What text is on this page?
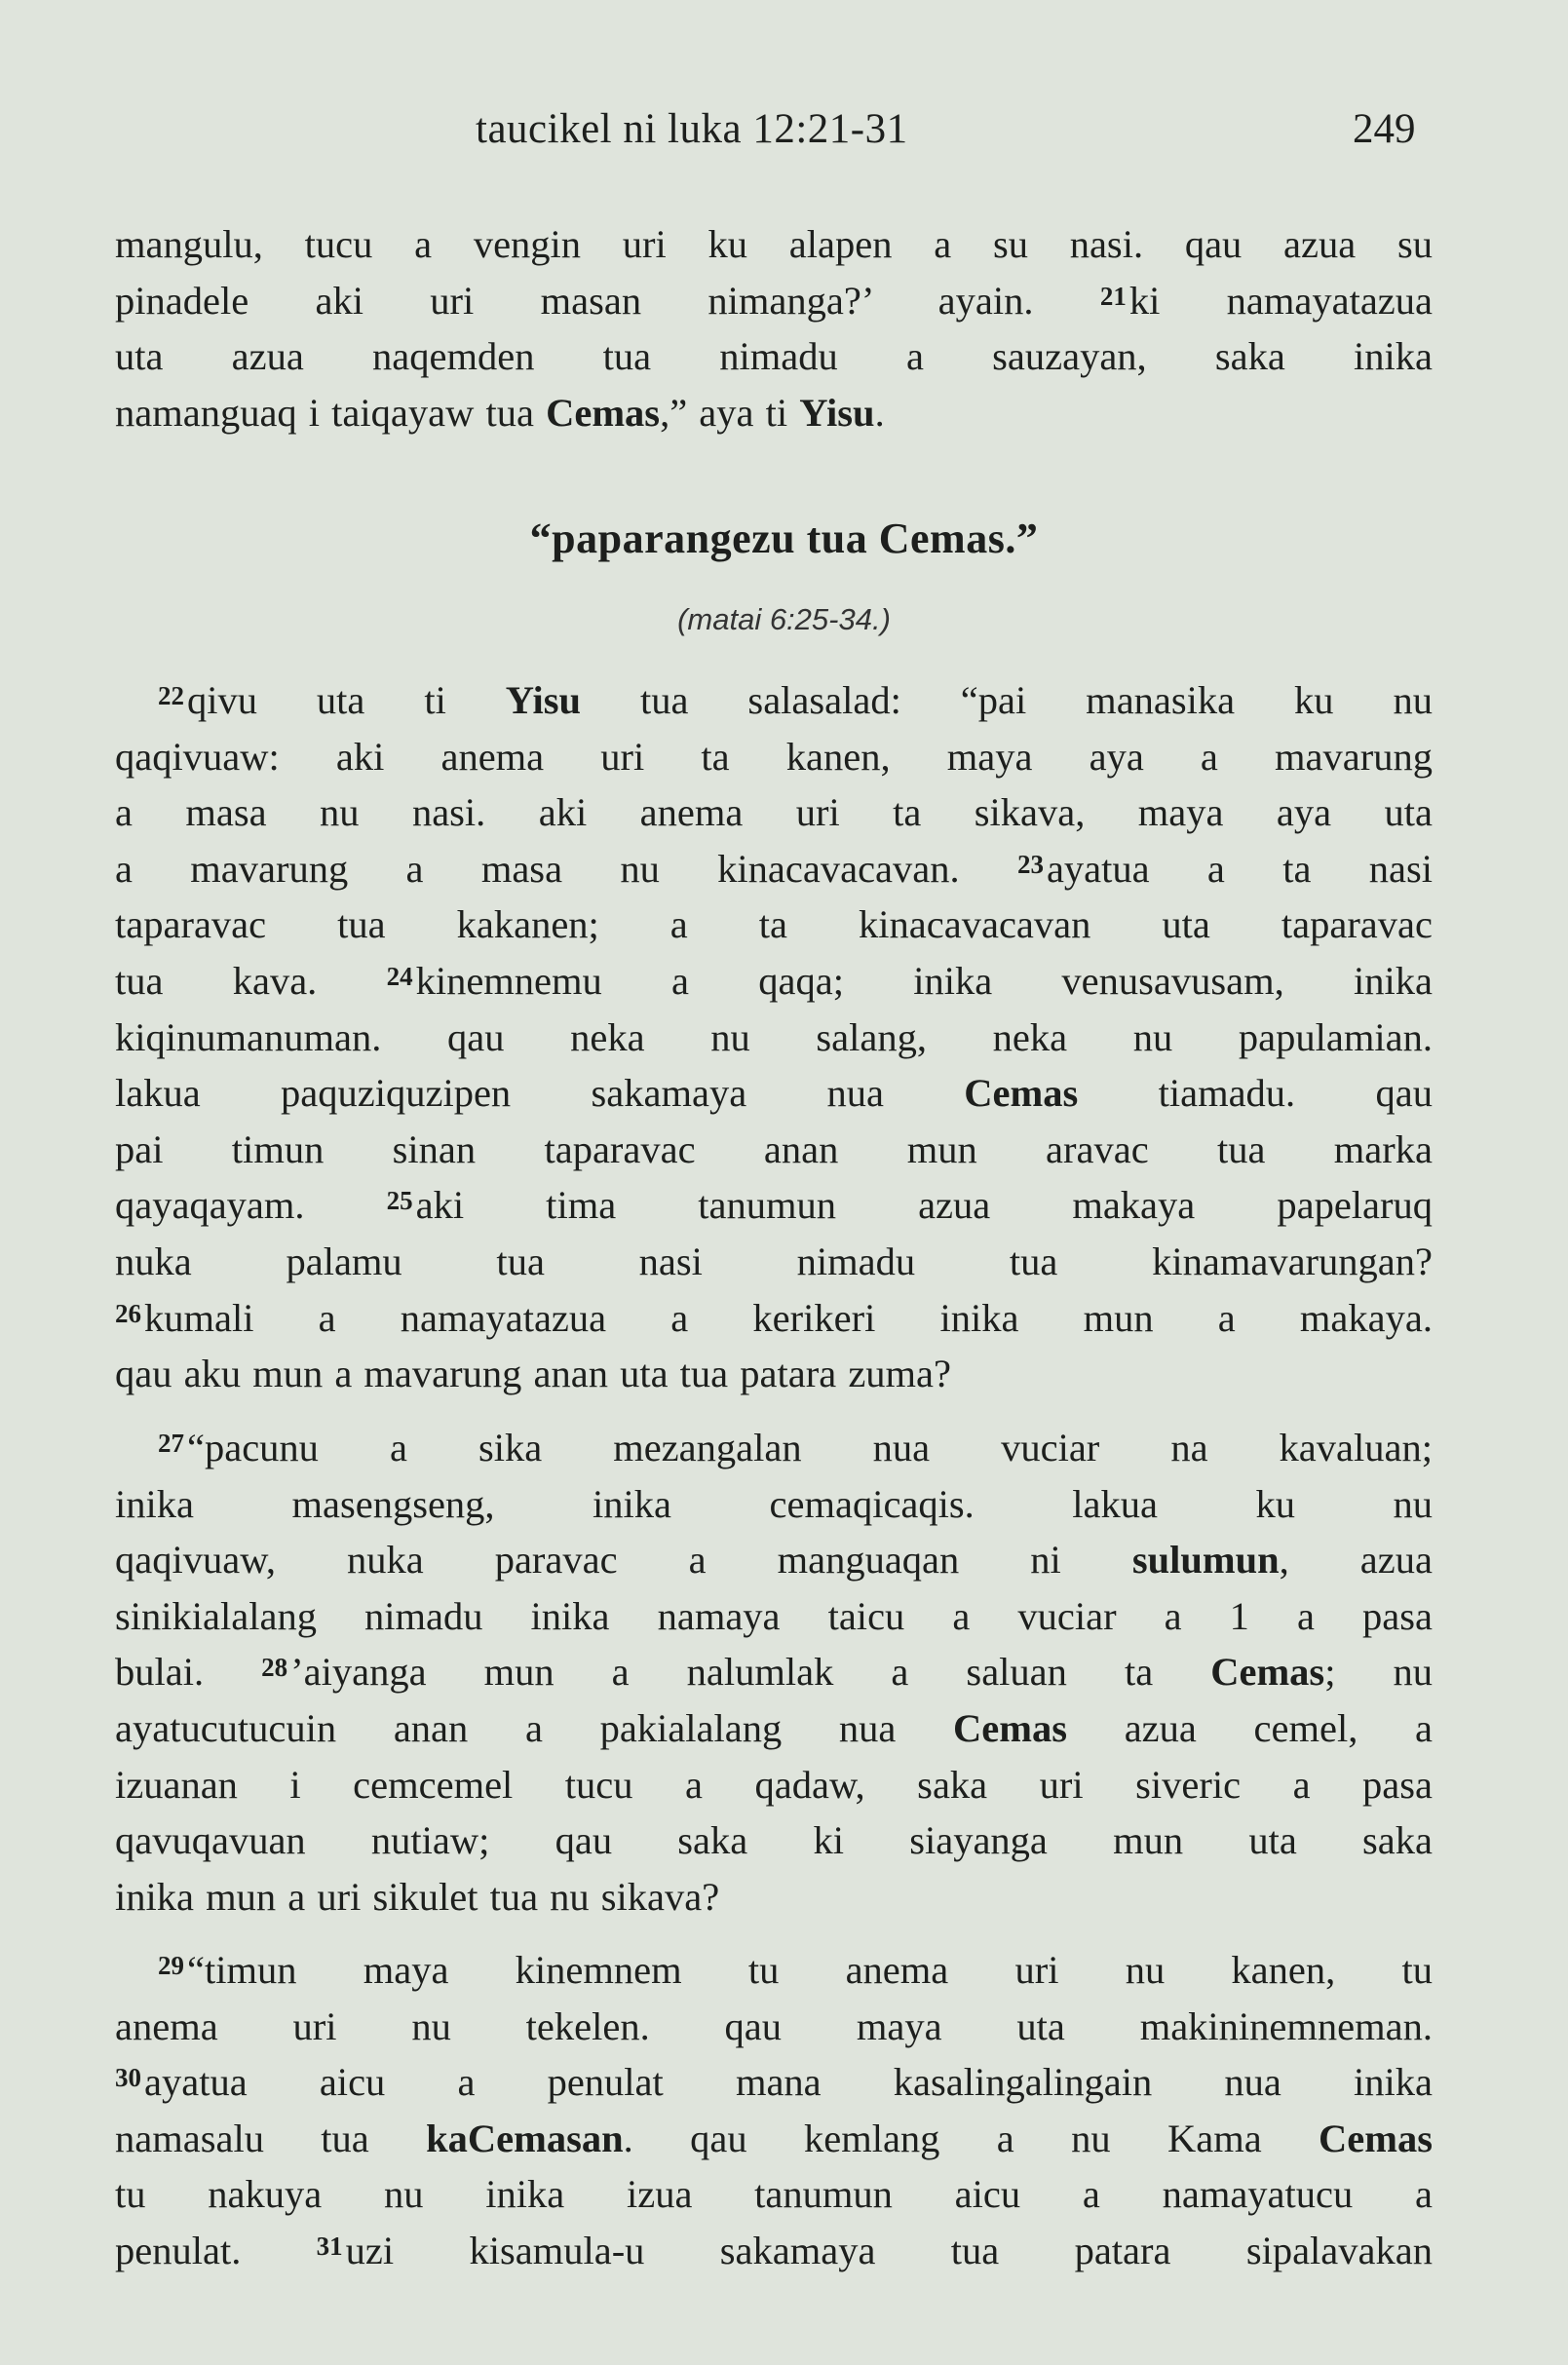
taucikel ni luka 12:21-31	249
mangulu, tucu a vengin uri ku alapen a su nasi. qau azua su
pinadele aki uri masan nimanga?’ ayain. $^{21}$ki namayatazua
uta azua naqemden tua nimadu a sauzayan, saka inika
namanguaq i taiqayaw tua Cemas,” aya ti Yisu.
“paparangezu tua Cemas.”
(matai 6:25-34.)
$^{22}$qivu uta ti Yisu tua salasalad: “pai manasika ku nu
qaqivuaw: aki anema uri ta kanen, maya aya a mavarung
a masa nu nasi. aki anema uri ta sikava, maya aya uta
a mavarung a masa nu kinacavacavan. $^{23}$ayatua a ta nasi
taparavac tua kakanen; a ta kinacavacavan uta taparavac
tua kava. $^{24}$kinemnemu a qaqa; inika venusavusam, inika
kiqinumanuman. qau neka nu salang, neka nu papulamian.
lakua paquziquzipen sakamaya nua Cemas tiamadu. qau
pai timun sinan taparavac anan mun aravac tua marka
qayaqayam. $^{25}$aki tima tanumun azua makaya papelaruq
nuka palamu tua nasi nimadu tua kinamavarungan?
$^{26}$kumali a namayatazua a kerikeri inika mun a makaya.
qau aku mun a mavarung anan uta tua patara zuma?
$^{27}$“pacunu a sika mezangalan nua vuciar na kavaluan;
inika masengseng, inika cemaqicaqis. lakua ku nu
qaqivuaw, nuka paravac a manguaqan ni sulumun, azua
sinikialalang nimadu inika namaya taicu a vuciar a 1 a pasa
bulai. $^{28}$’aiyanga mun a nalumlak a saluan ta Cemas; nu
ayatucutucuin anan a pakialalang nua Cemas azua cemel, a
izuanan i cemcemel tucu a qadaw, saka uri siveric a pasa
qavuqavuan nutiaw; qau saka ki siayanga mun uta saka
inika mun a uri sikulet tua nu sikava?
$^{29}$“timun maya kinemnem tu anema uri nu kanen, tu
anema uri nu tekelen. qau maya uta makininemneman.
$^{30}$ayatua aicu a penulat mana kasalingalingain nua inika
namasalu tua kaCemasan. qau kemlang a nu Kama Cemas
tu nakuya nu inika izua tanumun aicu a namayatucu a
penulat. $^{31}$uzi kisamula-u sakamaya tua patara sipalavakan
